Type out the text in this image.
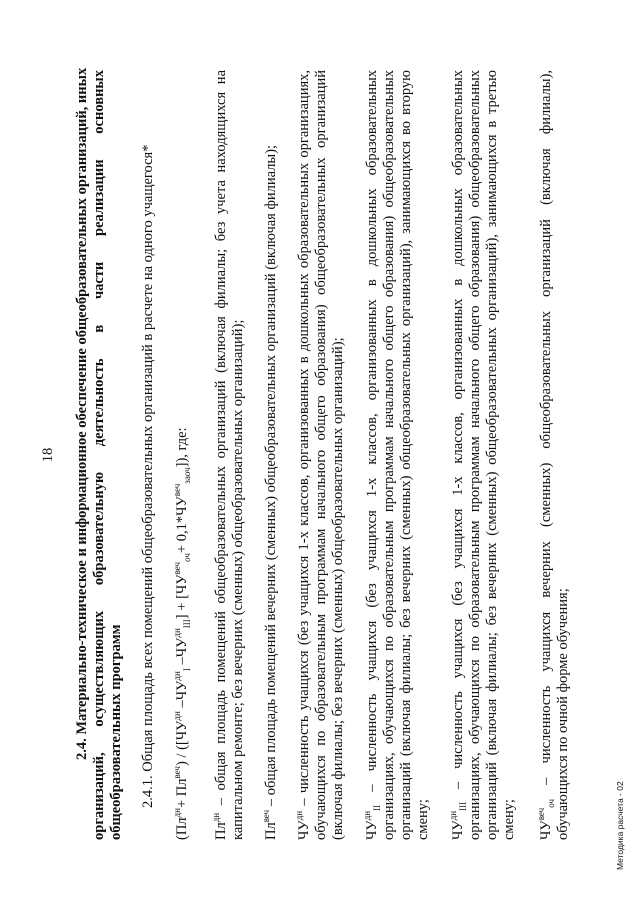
18 2.4. Материально-техническое и информационное обеспечение общеобразовательных организаций, иных организаций, осуществляющих образовательную деятельность в части реализации основных общеобразовательных программ 2.4.1. Общая площадь всех помещений общеобразовательных организаций в расчете на одного учащегося*
$(Пл^{дн}+ Пл^{веч}) / ([ЧУ^{дн}$ $-ЧУ^{дн}_I$ $-ЧУ^{дн}_{III}] + [ЧУ^{веч}_{оч}+ 0,1*ЧУ^{веч}_{заоч}]$), где:
$Пл^{дн}$ – общая площадь помещений общеобразовательных организаций (включая филиалы; без учета находящихся на капитальном ремонте; без вечерних (сменных) общеобразовательных организаций); $Пл^{веч}$ – общая площадь помещений вечерних (сменных) общеобразовательных организаций (включая филиалы);
$ЧУ^{дн}$ – численность учащихся (без учащихся 1-х классов, организованных в дошкольных образовательных организациях, обучающихся по образовательным программам начального общего образования) общеобразовательных организаций (включая филиалы; без вечерних (сменных) общеобразовательных организаций); $ЧУ^{дн}_{II}$ – численность учащихся (без учащихся 1-х классов, организованных в дошкольных образовательных организациях, обучающихся по образовательным программам начального общего образования) общеобразовательных организаций (включая филиалы; без вечерних (сменных) общеобразовательных организаций), занимающихся во вторую смену; $ЧУ^{дн}_{III}$ – численность учащихся (без учащихся 1-х классов, организованных в дошкольных образовательных организациях, обучающихся по образовательным программам начального общего образования) общеобразовательных организаций (включая филиалы; без вечерних (сменных) общеобразовательных организаций), занимающихся в третью смену; $ЧУ^{веч}_{оч}$ – численность учащихся вечерних (сменных) общеобразовательных организаций (включая филиалы), обучающихся по очной форме обучения;	Методика расчета - 02
